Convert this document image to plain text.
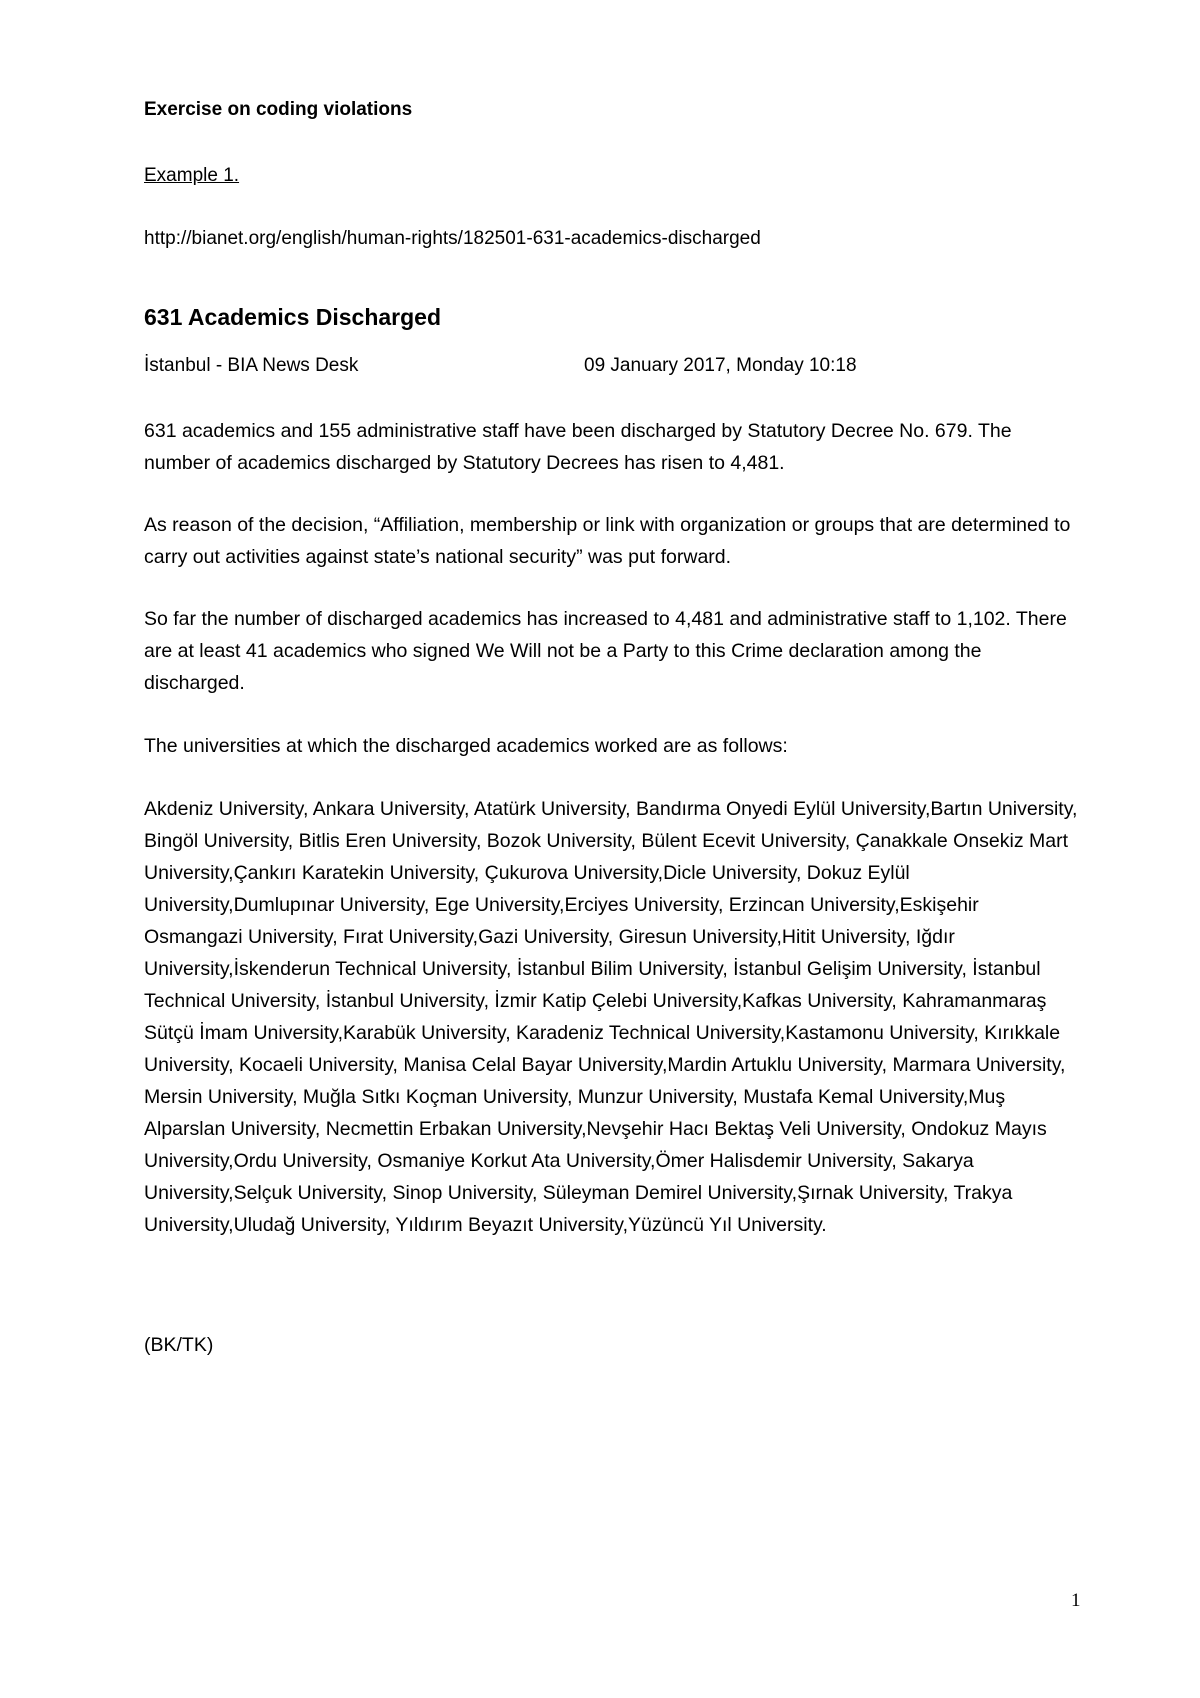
Exercise on coding violations
Example 1.
http://bianet.org/english/human-rights/182501-631-academics-discharged
631 Academics Discharged
İstanbul - BIA News Desk	09 January 2017, Monday 10:18

631 academics and 155 administrative staff have been discharged by Statutory Decree No. 679. The number of academics discharged by Statutory Decrees has risen to 4,481.

As reason of the decision, “Affiliation, membership or link with organization or groups that are determined to carry out activities against state’s national security” was put forward.

So far the number of discharged academics has increased to 4,481 and administrative staff to 1,102. There are at least 41 academics who signed We Will not be a Party to this Crime declaration among the discharged.

The universities at which the discharged academics worked are as follows:

Akdeniz University, Ankara University, Atatürk University, Bandırma Onyedi Eylül University,Bartın University, Bingöl University, Bitlis Eren University, Bozok University, Bülent Ecevit University, Çanakkale Onsekiz Mart University,Çankırı Karatekin University, Çukurova University,Dicle University, Dokuz Eylül University,Dumlupınar University, Ege University,Erciyes University, Erzincan University,Eskişehir Osmangazi University, Fırat University,Gazi University, Giresun University,Hitit University, Iğdır University,İskenderun Technical University, İstanbul Bilim University, İstanbul Gelişim University, İstanbul Technical University, İstanbul University, İzmir Katip Çelebi University,Kafkas University, Kahramanmaraş Sütçü İmam University,Karabük University, Karadeniz Technical University,Kastamonu University, Kırıkkale University, Kocaeli University, Manisa Celal Bayar University,Mardin Artuklu University, Marmara University, Mersin University, Muğla Sıtkı Koçman University, Munzur University, Mustafa Kemal University,Muş Alparslan University, Necmettin Erbakan University,Nevşehir Hacı Bektaş Veli University, Ondokuz Mayıs University,Ordu University, Osmaniye Korkut Ata University,Ömer Halisdemir University, Sakarya University,Selçuk University, Sinop University, Süleyman Demirel University,Şırnak University, Trakya University,Uludağ University, Yıldırım Beyazıt University,Yüzüncü Yıl University.

(BK/TK)

1
